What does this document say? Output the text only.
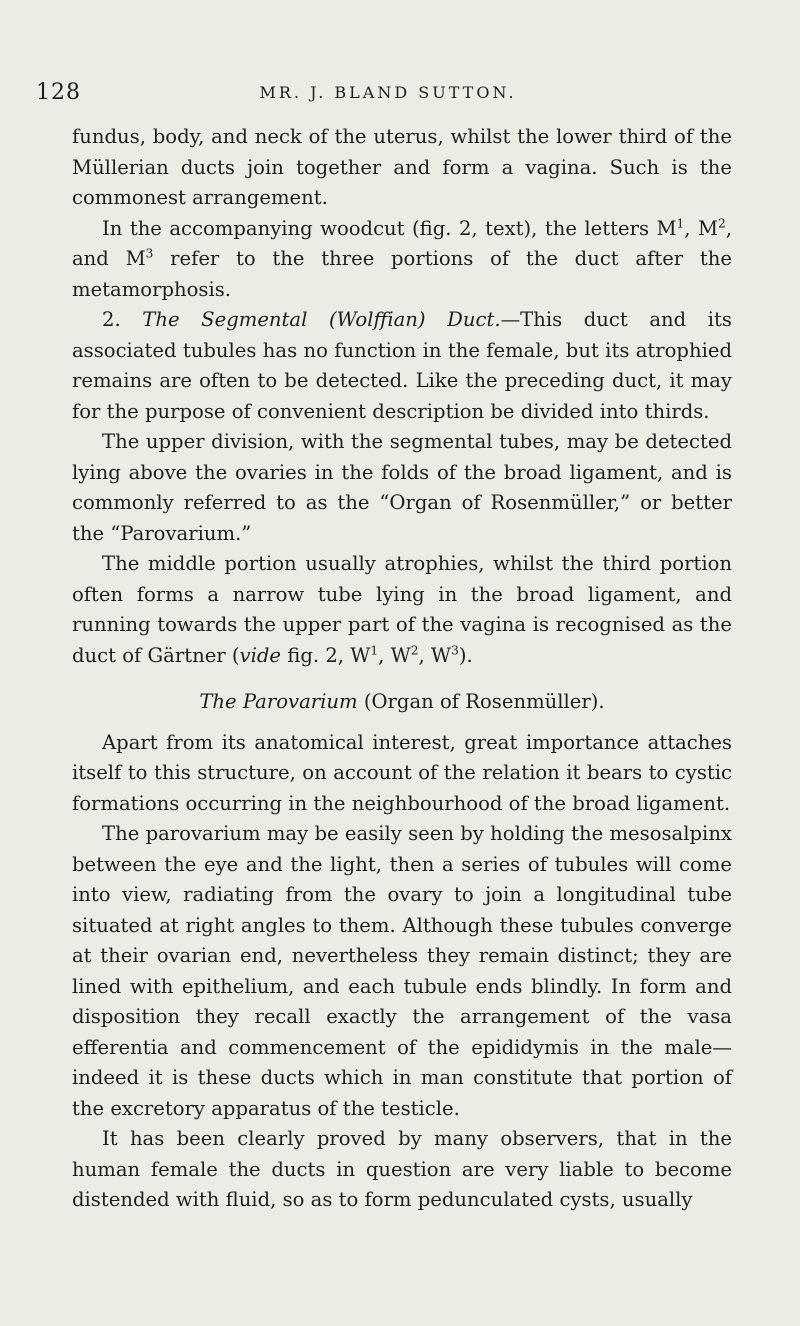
128	MR. J. BLAND SUTTON.

fundus, body, and neck of the uterus, whilst the lower third of the Müllerian ducts join together and form a vagina. Such is the commonest arrangement.

In the accompanying woodcut (fig. 2, text), the letters $M^1$, $M^2$, and $M^3$ refer to the three portions of the duct after the metamorphosis.

2. The Segmental (Wolffian) Duct.—This duct and its associated tubules has no function in the female, but its atrophied remains are often to be detected. Like the preceding duct, it may for the purpose of convenient description be divided into thirds.

The upper division, with the segmental tubes, may be detected lying above the ovaries in the folds of the broad ligament, and is commonly referred to as the “Organ of Rosenmüller,” or better the “Parovarium.”

The middle portion usually atrophies, whilst the third portion often forms a narrow tube lying in the broad ligament, and running towards the upper part of the vagina is recognised as the duct of Gärtner (vide fig. 2, $W^1$, $W^2$, $W^3$).

The Parovarium (Organ of Rosenmüller).

Apart from its anatomical interest, great importance attaches itself to this structure, on account of the relation it bears to cystic formations occurring in the neighbourhood of the broad ligament.

The parovarium may be easily seen by holding the mesosalpinx between the eye and the light, then a series of tubules will come into view, radiating from the ovary to join a longitudinal tube situated at right angles to them. Although these tubules converge at their ovarian end, nevertheless they remain distinct; they are lined with epithelium, and each tubule ends blindly. In form and disposition they recall exactly the arrangement of the vasa efferentia and commencement of the epididymis in the male—indeed it is these ducts which in man constitute that portion of the excretory apparatus of the testicle.

It has been clearly proved by many observers, that in the human female the ducts in question are very liable to become distended with fluid, so as to form pedunculated cysts, usually
